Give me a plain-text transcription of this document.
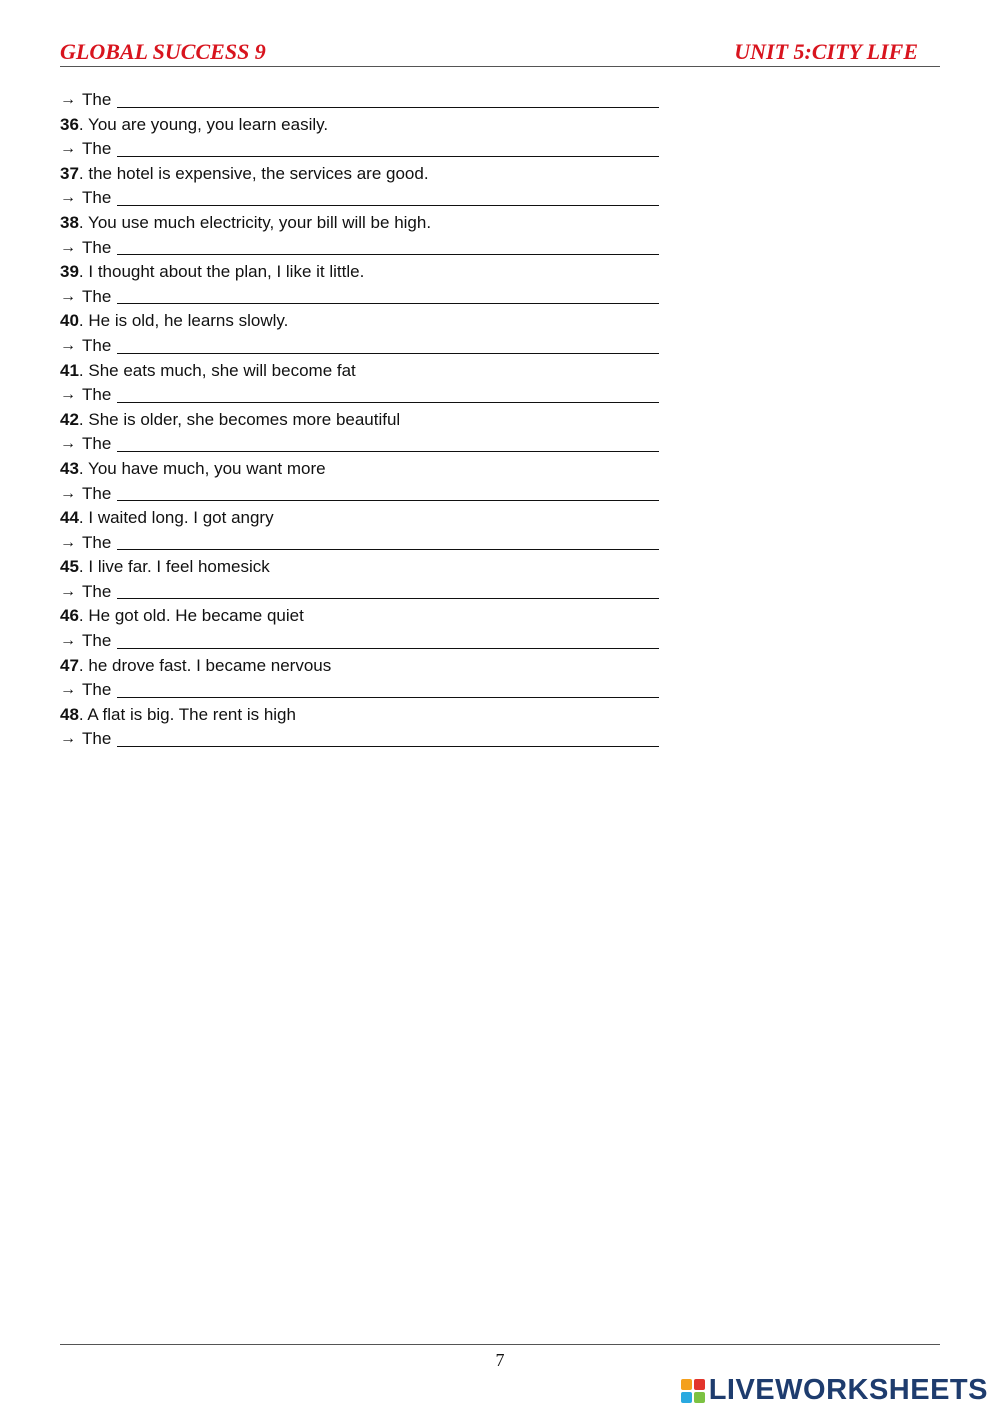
GLOBAL SUCCESS 9	UNIT 5:CITY LIFE
→ The
36. You are young, you learn easily.
→ The
37. the hotel is expensive, the services are good.
→ The
38. You use much electricity, your bill will be high.
→ The
39. I thought about the plan, I like it little.
→ The
40. He is old, he learns slowly.
→ The
41. She eats much, she will become fat
→ The
42. She is older, she becomes more beautiful
→ The
43. You have much, you want more
→ The
44. I waited long. I got angry
→ The
45. I live far. I feel homesick
→ The
46. He got old. He became quiet
→ The
47. he drove fast. I became nervous
→ The
48. A flat is big. The rent is high
→ The
7
LIVEWORKSHEETS
